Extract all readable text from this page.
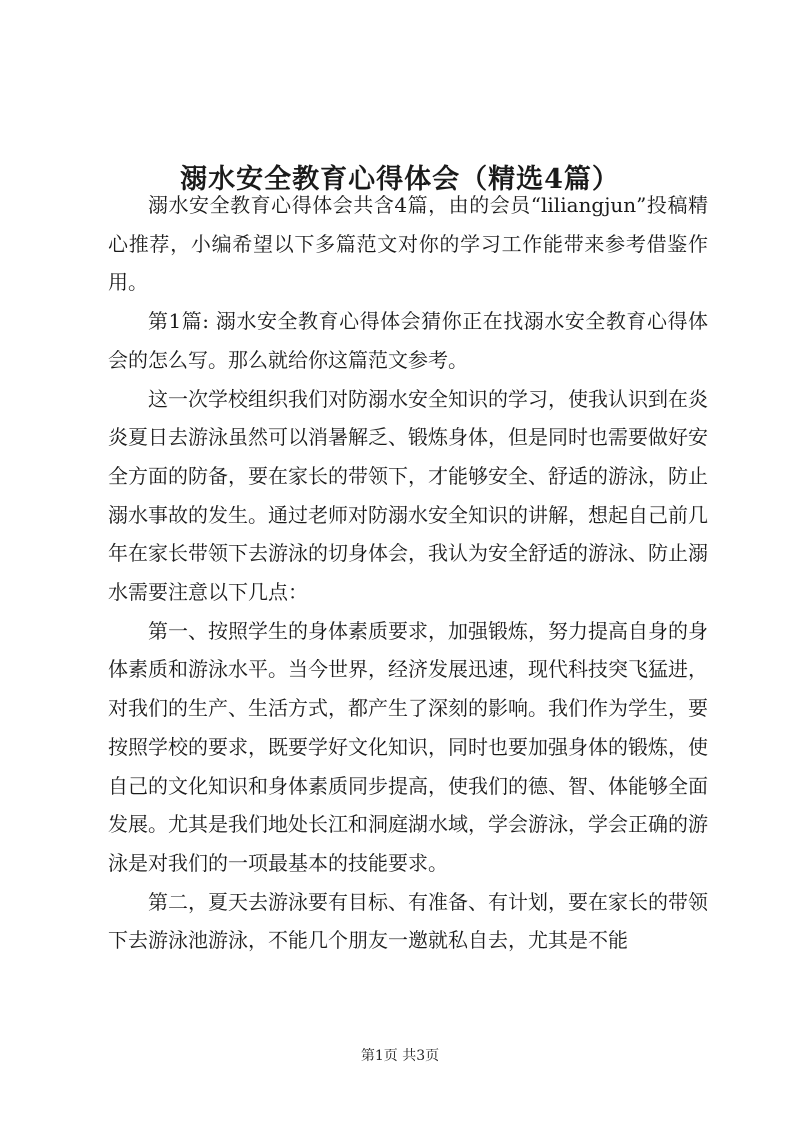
溺水安全教育心得体会（精选4篇）

溺水安全教育心得体会共含4篇，由的会员“liliangjun”投稿精心推荐，小编希望以下多篇范文对你的学习工作能带来参考借鉴作用。

第1篇: 溺水安全教育心得体会猜你正在找溺水安全教育心得体会的怎么写。那么就给你这篇范文参考。

这一次学校组织我们对防溺水安全知识的学习，使我认识到在炎炎夏日去游泳虽然可以消暑解乏、锻炼身体，但是同时也需要做好安全方面的防备，要在家长的带领下，才能够安全、舒适的游泳，防止溺水事故的发生。通过老师对防溺水安全知识的讲解，想起自己前几年在家长带领下去游泳的切身体会，我认为安全舒适的游泳、防止溺水需要注意以下几点：

第一、按照学生的身体素质要求，加强锻炼，努力提高自身的身体素质和游泳水平。当今世界，经济发展迅速，现代科技突飞猛进，对我们的生产、生活方式，都产生了深刻的影响。我们作为学生，要按照学校的要求，既要学好文化知识，同时也要加强身体的锻炼，使自己的文化知识和身体素质同步提高，使我们的德、智、体能够全面发展。尤其是我们地处长江和洞庭湖水域，学会游泳，学会正确的游泳是对我们的一项最基本的技能要求。

第二，夏天去游泳要有目标、有准备、有计划，要在家长的带领下去游泳池游泳，不能几个朋友一邀就私自去，尤其是不能

第1页 共3页
